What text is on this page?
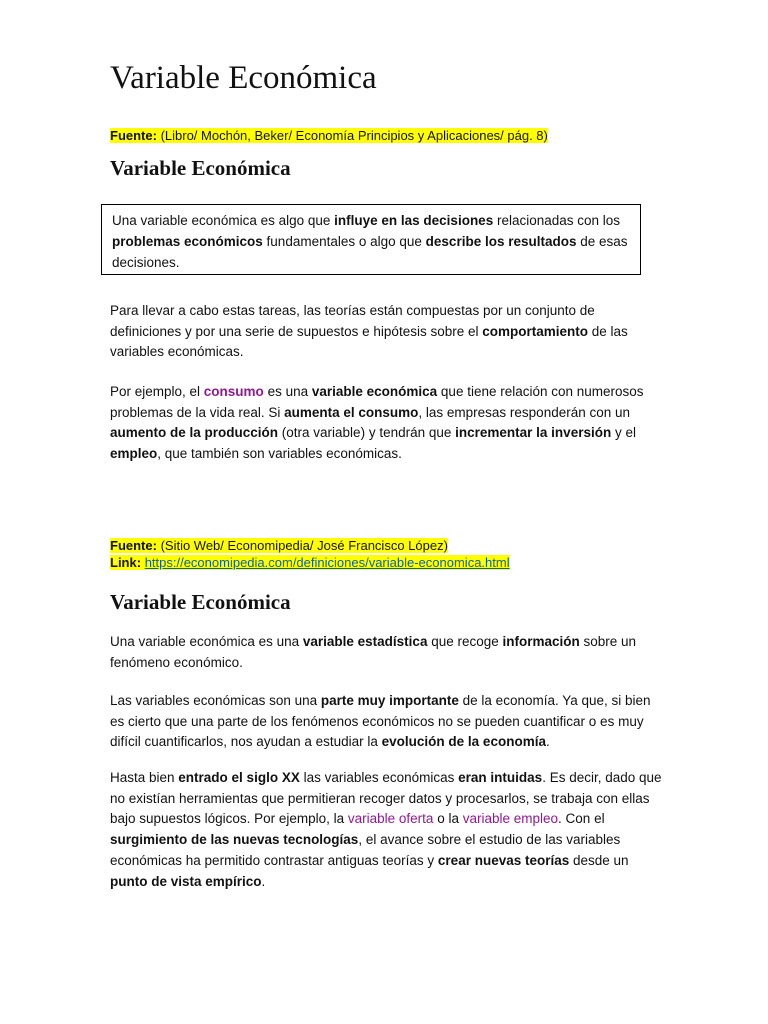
Variable Económica
Fuente: (Libro/ Mochón, Beker/ Economía Principios y Aplicaciones/ pág. 8)
Variable Económica
Una variable económica es algo que influye en las decisiones relacionadas con los problemas económicos fundamentales o algo que describe los resultados de esas decisiones.

Para llevar a cabo estas tareas, las teorías están compuestas por un conjunto de definiciones y por una serie de supuestos e hipótesis sobre el comportamiento de las variables económicas.

Por ejemplo, el consumo es una variable económica que tiene relación con numerosos problemas de la vida real. Si aumenta el consumo, las empresas responderán con un aumento de la producción (otra variable) y tendrán que incrementar la inversión y el empleo, que también son variables económicas.

Fuente: (Sitio Web/ Economipedia/ José Francisco López)
Link: https://economipedia.com/definiciones/variable-economica.html
Variable Económica

Una variable económica es una variable estadística que recoge información sobre un fenómeno económico.

Las variables económicas son una parte muy importante de la economía. Ya que, si bien es cierto que una parte de los fenómenos económicos no se pueden cuantificar o es muy difícil cuantificarlos, nos ayudan a estudiar la evolución de la economía.

Hasta bien entrado el siglo XX las variables económicas eran intuidas. Es decir, dado que no existían herramientas que permitieran recoger datos y procesarlos, se trabaja con ellas bajo supuestos lógicos. Por ejemplo, la variable oferta o la variable empleo. Con el surgimiento de las nuevas tecnologías, el avance sobre el estudio de las variables económicas ha permitido contrastar antiguas teorías y crear nuevas teorías desde un punto de vista empírico.
